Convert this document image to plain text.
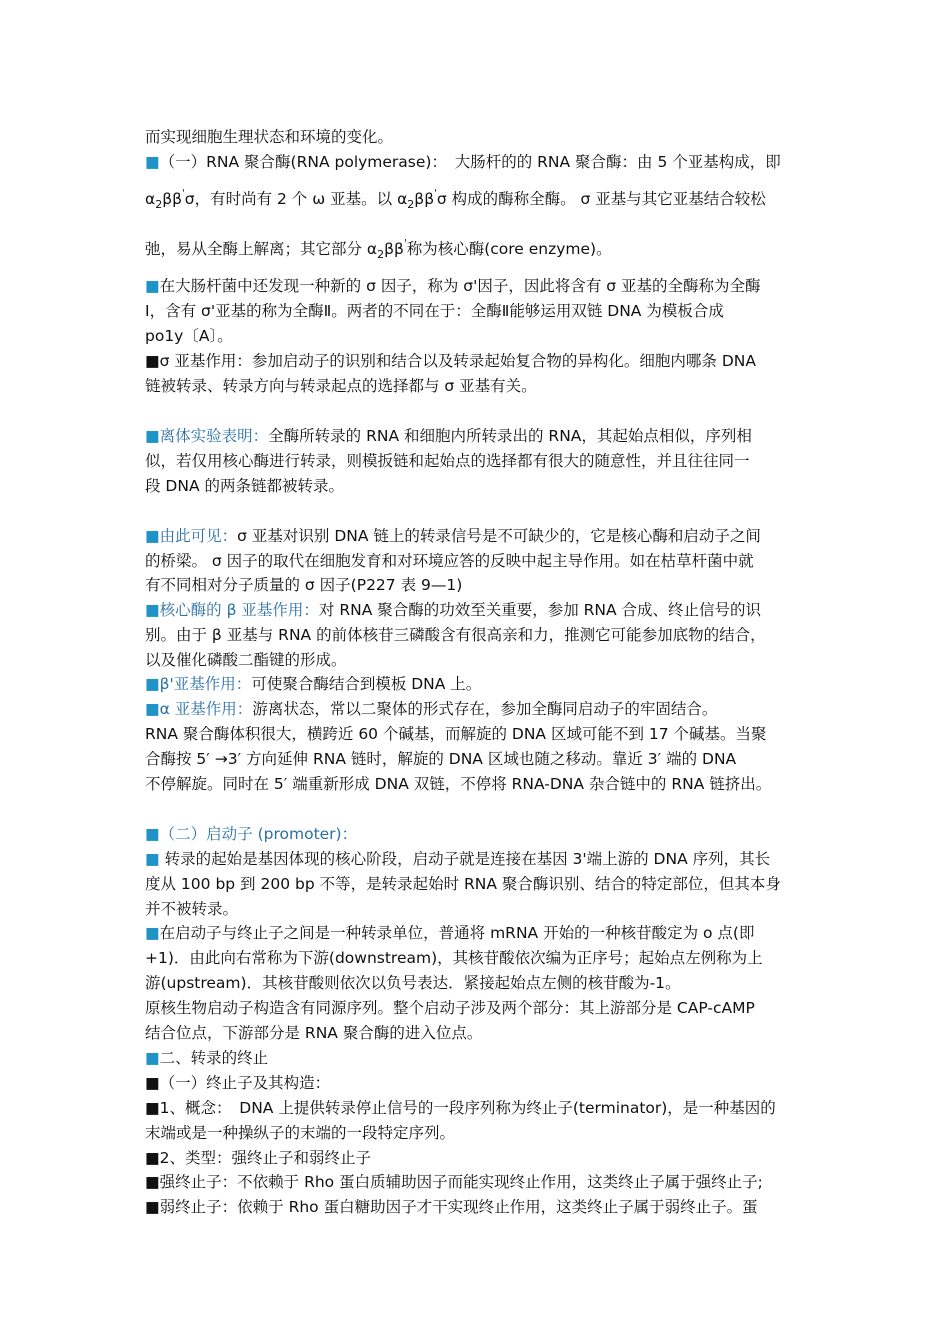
而实现细胞生理状态和环境的变化。
■（一）RNA 聚合酶(RNA polymerase)：　大肠杆的的 RNA 聚合酶：由 5 个亚基构成，即
$\alpha_2\beta\beta'\sigma$，有时尚有 2 个 ω 亚基。以 $\alpha_2\beta\beta'\sigma$ 构成的酶称全酶。 σ 亚基与其它亚基结合较松
弛，易从全酶上解离；其它部分 $\alpha_2\beta\beta'$称为核心酶(core enzyme)。
■在大肠杆菌中还发现一种新的 σ 因子，称为 σ'因子，因此将含有 σ 亚基的全酶称为全酶
I，含有 σ'亚基的称为全酶Ⅱ。两者的不同在于：全酶Ⅱ能够运用双链 DNA 为模板合成
po1y〔A〕。
■σ 亚基作用：参加启动子的识别和结合以及转录起始复合物的异构化。细胞内哪条 DNA
链被转录、转录方向与转录起点的选择都与 σ 亚基有关。
■离体实验表明：全酶所转录的 RNA 和细胞内所转录出的 RNA，其起始点相似，序列相
似，若仅用核心酶进行转录，则模扳链和起始点的选择都有很大的随意性，并且往往同一
段 DNA 的两条链都被转录。
■由此可见：σ 亚基对识别 DNA 链上的转录信号是不可缺少的，它是核心酶和启动子之间
的桥梁。 σ 因子的取代在细胞发育和对环境应答的反映中起主导作用。如在枯草杆菌中就
有不同相对分子质量的 σ 因子(P227 表 9—1)
■核心酶的 β 亚基作用：对 RNA 聚合酶的功效至关重要，参加 RNA 合成、终止信号的识
别。由于 β 亚基与 RNA 的前体核苷三磷酸含有很高亲和力，推测它可能参加底物的结合，
以及催化磷酸二酯键的形成。
■β'亚基作用：可使聚合酶结合到模板 DNA 上。
■α 亚基作用：游离状态，常以二聚体的形式存在，参加全酶同启动子的牢固结合。
RNA 聚合酶体积很大，横跨近 60 个碱基，而解旋的 DNA 区域可能不到 17 个碱基。当聚
合酶按 5′ →3′ 方向延伸 RNA 链时，解旋的 DNA 区域也随之移动。靠近 3′ 端的 DNA
不停解旋。同时在 5′ 端重新形成 DNA 双链，不停将 RNA-DNA 杂合链中的 RNA 链挤出。
■（二）启动子 (promoter)：
■ 转录的起始是基因体现的核心阶段，启动子就是连接在基因 3'端上游的 DNA 序列，其长
度从 100 bp 到 200 bp 不等，是转录起始时 RNA 聚合酶识别、结合的特定部位，但其本身
并不被转录。
■在启动子与终止子之间是一种转录单位，普通将 mRNA 开始的一种核苷酸定为 o 点(即
+1)．由此向右常称为下游(downstream)，其核苷酸依次编为正序号；起始点左例称为上
游(upstream)．其核苷酸则依次以负号表达．紧接起始点左侧的核苷酸为-1。
原核生物启动子构造含有同源序列。整个启动子涉及两个部分：其上游部分是 CAP-cAMP
结合位点，下游部分是 RNA 聚合酶的进入位点。
■二、转录的终止
■（一）终止子及其构造：
■1、概念：　DNA 上提供转录停止信号的一段序列称为终止子(terminator)，是一种基因的
末端或是一种操纵子的末端的一段特定序列。
■2、类型：强终止子和弱终止子
■强终止子：不依赖于 Rho 蛋白质辅助因子而能实现终止作用，这类终止子属于强终止子;
■弱终止子：依赖于 Rho 蛋白糖助因子才干实现终止作用，这类终止子属于弱终止子。蛋
